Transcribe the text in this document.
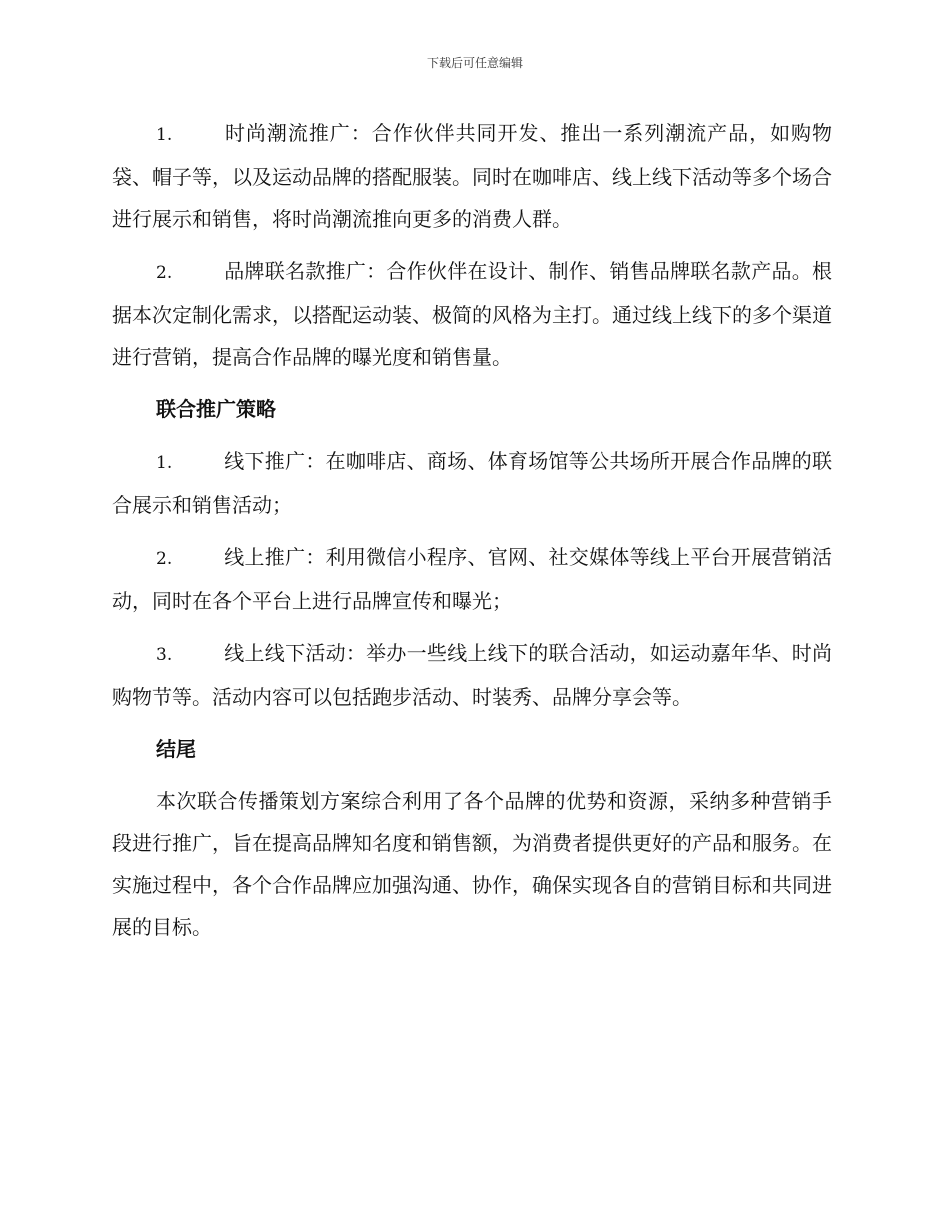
下载后可任意编辑

1.	时尚潮流推广：合作伙伴共同开发、推出一系列潮流产品，如购物袋、帽子等，以及运动品牌的搭配服装。同时在咖啡店、线上线下活动等多个场合进行展示和销售，将时尚潮流推向更多的消费人群。

2.	品牌联名款推广：合作伙伴在设计、制作、销售品牌联名款产品。根据本次定制化需求，以搭配运动装、极简的风格为主打。通过线上线下的多个渠道进行营销，提高合作品牌的曝光度和销售量。

联合推广策略

1.	线下推广：在咖啡店、商场、体育场馆等公共场所开展合作品牌的联合展示和销售活动；

2.	线上推广：利用微信小程序、官网、社交媒体等线上平台开展营销活动，同时在各个平台上进行品牌宣传和曝光；

3.	线上线下活动：举办一些线上线下的联合活动，如运动嘉年华、时尚购物节等。活动内容可以包括跑步活动、时装秀、品牌分享会等。

结尾

本次联合传播策划方案综合利用了各个品牌的优势和资源，采纳多种营销手段进行推广，旨在提高品牌知名度和销售额，为消费者提供更好的产品和服务。在实施过程中，各个合作品牌应加强沟通、协作，确保实现各自的营销目标和共同进展的目标。
